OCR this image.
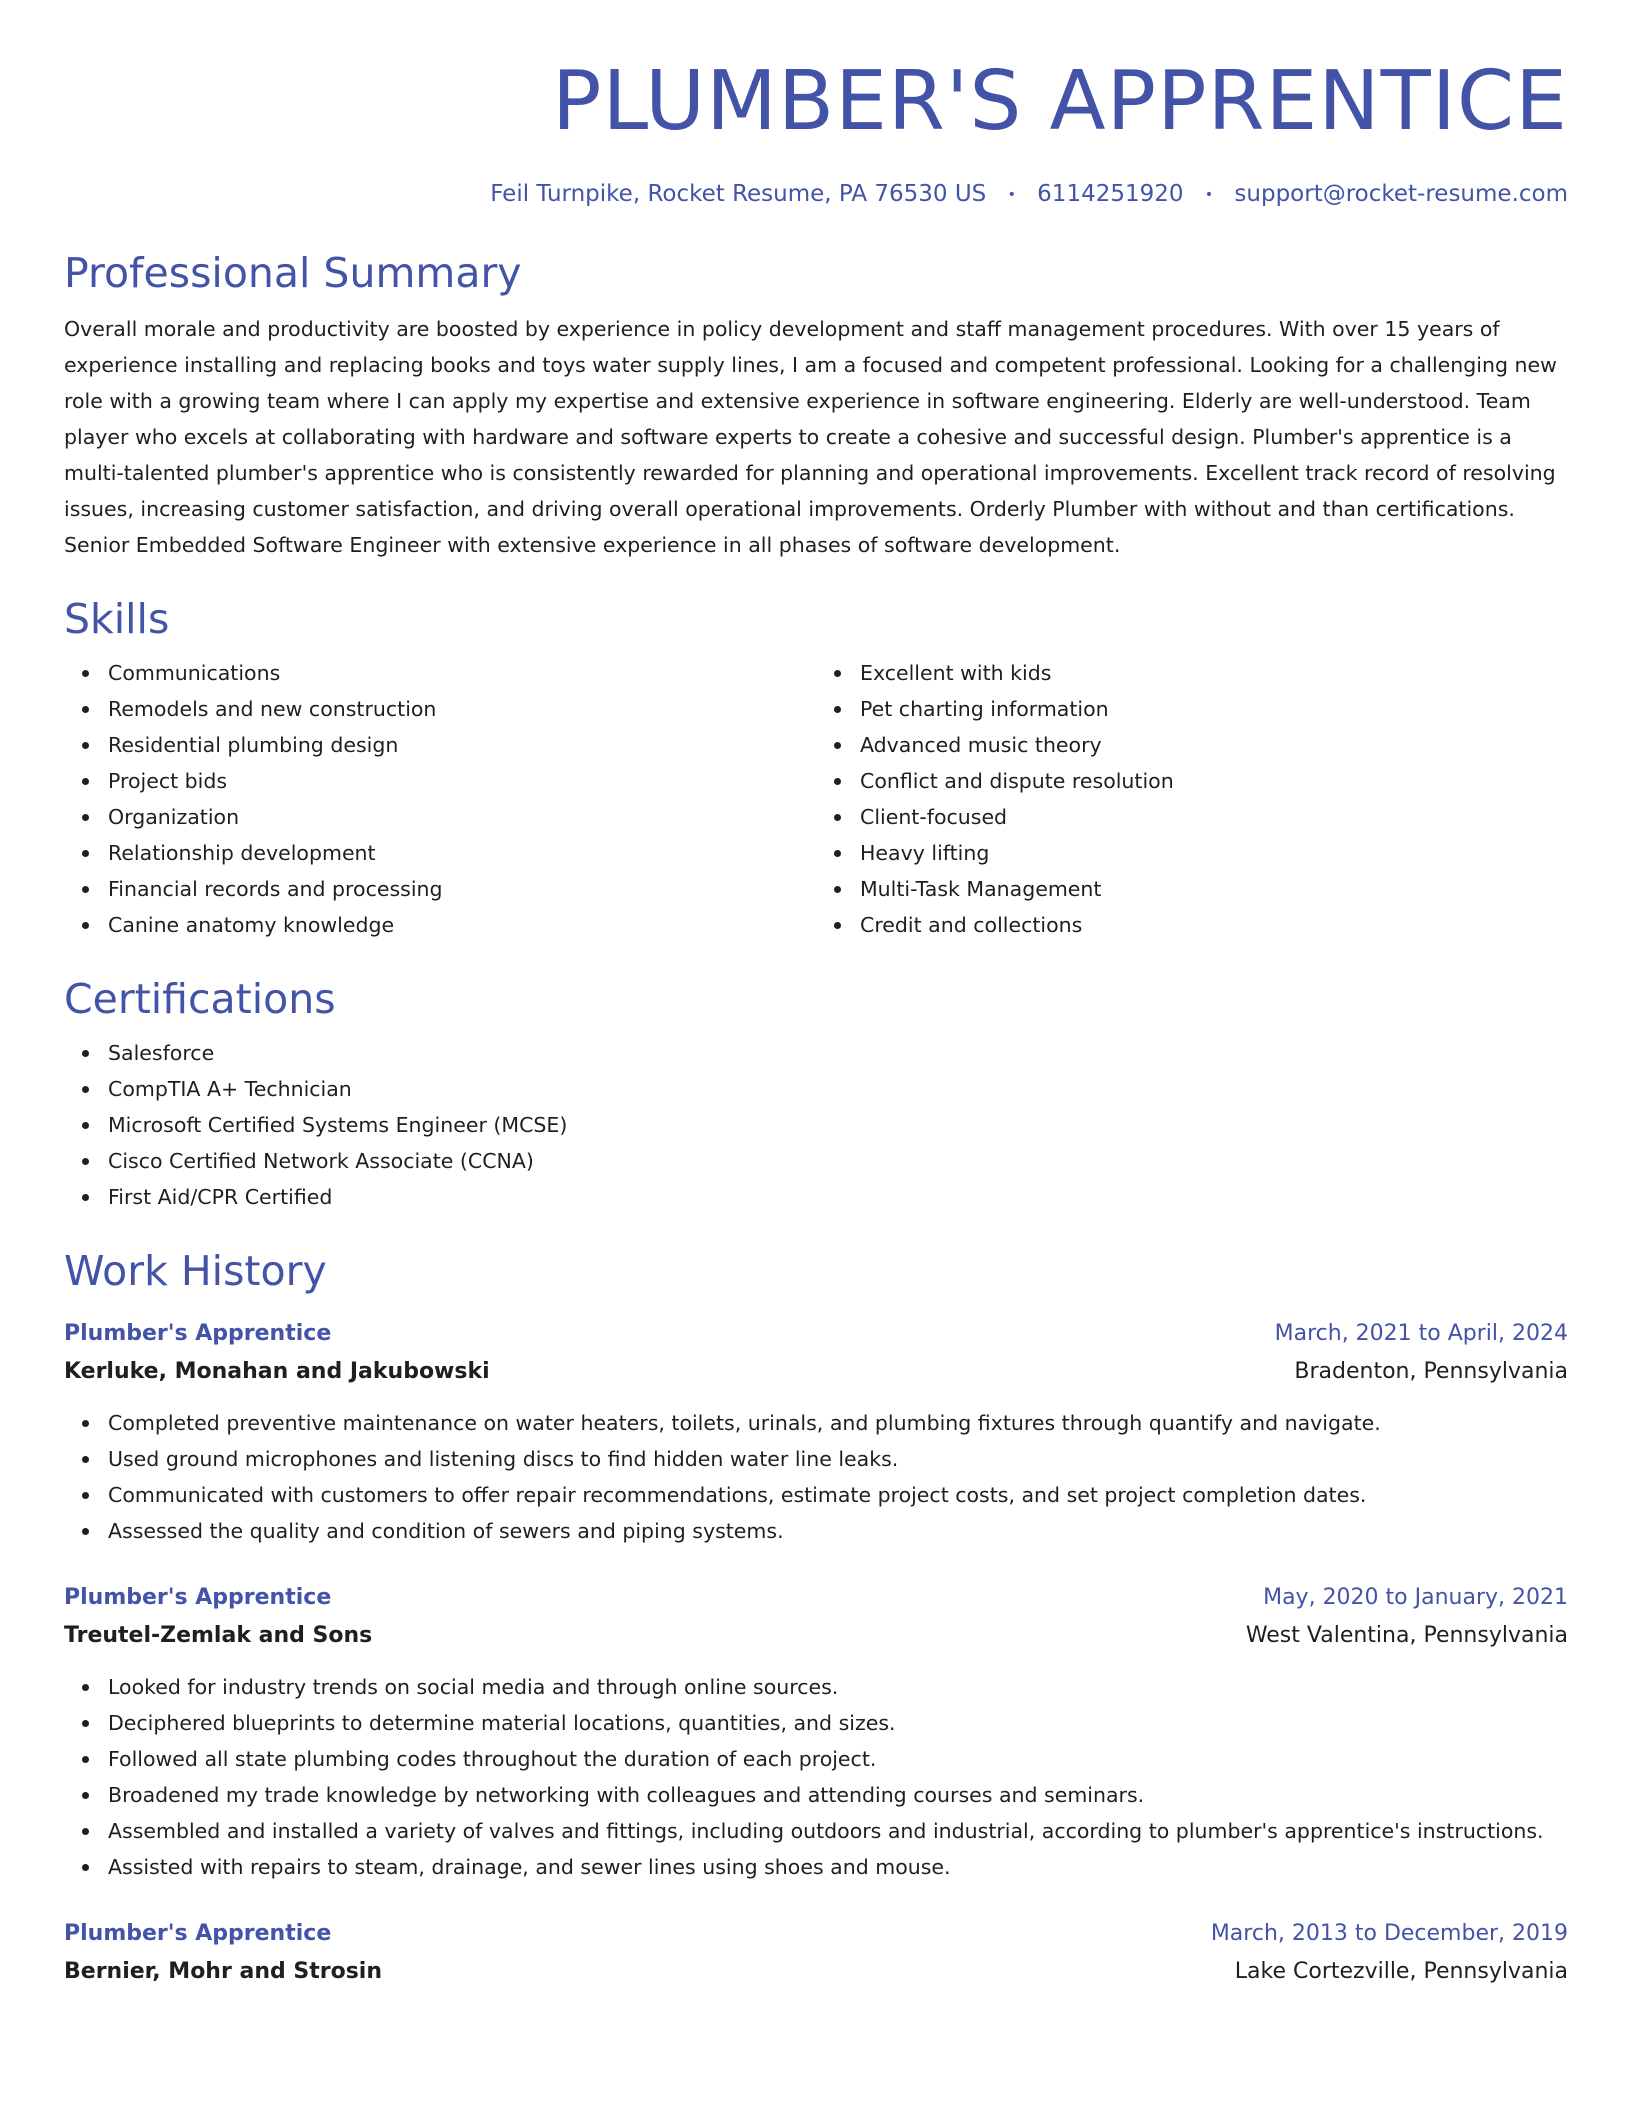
PLUMBER'S APPRENTICE
Feil Turnpike, Rocket Resume, PA 76530 US • 6114251920 • support@rocket-resume.com
Professional Summary

Overall morale and productivity are boosted by experience in policy development and staff management procedures. With over 15 years of experience installing and replacing books and toys water supply lines, I am a focused and competent professional. Looking for a challenging new role with a growing team where I can apply my expertise and extensive experience in software engineering. Elderly are well-understood. Team player who excels at collaborating with hardware and software experts to create a cohesive and successful design. Plumber's apprentice is a multi-talented plumber's apprentice who is consistently rewarded for planning and operational improvements. Excellent track record of resolving issues, increasing customer satisfaction, and driving overall operational improvements. Orderly Plumber with without and than certifications. Senior Embedded Software Engineer with extensive experience in all phases of software development.

Skills
Communications
Remodels and new construction
Residential plumbing design
Project bids
Organization
Relationship development
Financial records and processing
Canine anatomy knowledge
Excellent with kids
Pet charting information
Advanced music theory
Conflict and dispute resolution
Client-focused
Heavy lifting
Multi-Task Management
Credit and collections
Certifications
Salesforce
CompTIA A+ Technician
Microsoft Certified Systems Engineer (MCSE)
Cisco Certified Network Associate (CCNA)
First Aid/CPR Certified
Work History
Plumber's Apprentice	March, 2021 to April, 2024
Kerluke, Monahan and Jakubowski	Bradenton, Pennsylvania
Completed preventive maintenance on water heaters, toilets, urinals, and plumbing fixtures through quantify and navigate.
Used ground microphones and listening discs to find hidden water line leaks.
Communicated with customers to offer repair recommendations, estimate project costs, and set project completion dates.
Assessed the quality and condition of sewers and piping systems.
Plumber's Apprentice	May, 2020 to January, 2021
Treutel-Zemlak and Sons	West Valentina, Pennsylvania
Looked for industry trends on social media and through online sources.
Deciphered blueprints to determine material locations, quantities, and sizes.
Followed all state plumbing codes throughout the duration of each project.
Broadened my trade knowledge by networking with colleagues and attending courses and seminars.
Assembled and installed a variety of valves and fittings, including outdoors and industrial, according to plumber's apprentice's instructions.
Assisted with repairs to steam, drainage, and sewer lines using shoes and mouse.
Plumber's Apprentice	March, 2013 to December, 2019
Bernier, Mohr and Strosin	Lake Cortezville, Pennsylvania
